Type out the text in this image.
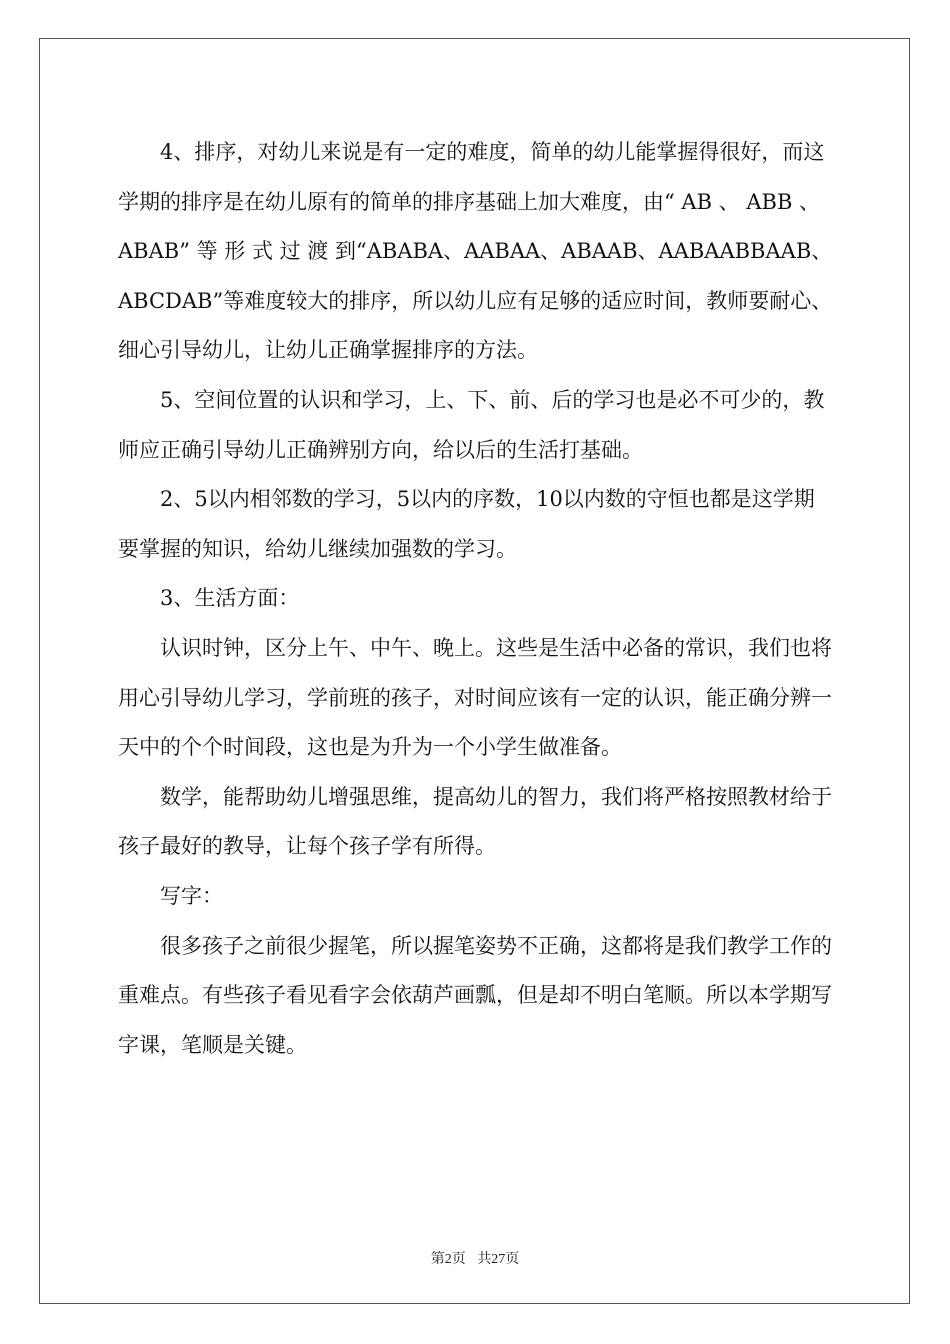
4、排序，对幼儿来说是有一定的难度，简单的幼儿能掌握得很好，而这学期的排序是在幼儿原有的简单的排序基础上加大难度，由“ AB 、 ABB 、 ABAB” 等 形 式 过 渡 到“ABABA、AABAA、ABAAB、AABAABBAAB、ABCDAB”等难度较大的排序，所以幼儿应有足够的适应时间，教师要耐心、细心引导幼儿，让幼儿正确掌握排序的方法。

5、空间位置的认识和学习，上、下、前、后的学习也是必不可少的，教师应正确引导幼儿正确辨别方向，给以后的生活打基础。

2、5以内相邻数的学习，5以内的序数，10以内数的守恒也都是这学期要掌握的知识，给幼儿继续加强数的学习。

3、生活方面：

认识时钟，区分上午、中午、晚上。这些是生活中必备的常识，我们也将用心引导幼儿学习，学前班的孩子，对时间应该有一定的认识，能正确分辨一天中的个个时间段，这也是为升为一个小学生做准备。

数学，能帮助幼儿增强思维，提高幼儿的智力，我们将严格按照教材给于孩子最好的教导，让每个孩子学有所得。

写字：

很多孩子之前很少握笔，所以握笔姿势不正确，这都将是我们教学工作的重难点。有些孩子看见看字会依葫芦画瓢，但是却不明白笔顺。所以本学期写字课，笔顺是关键。

第2页 共27页
